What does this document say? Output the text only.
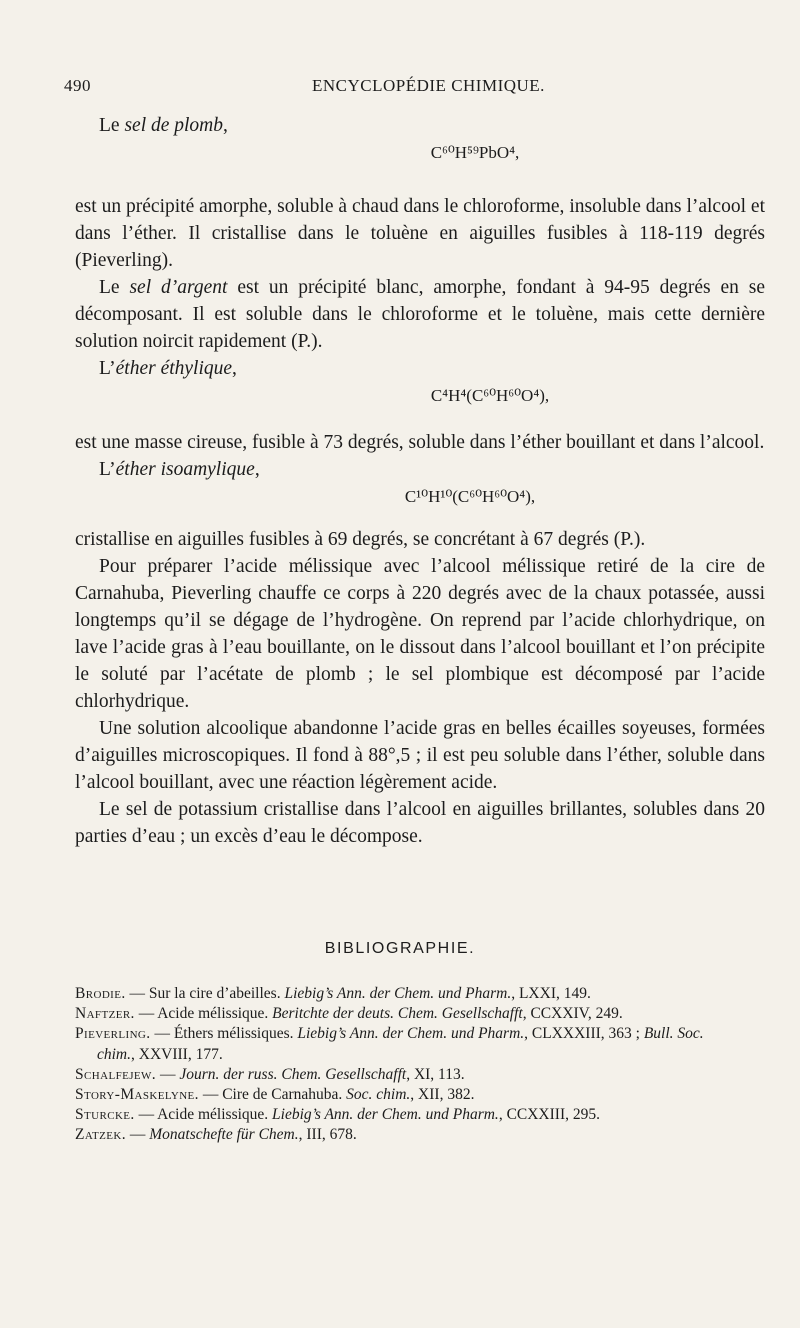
490	ENCYCLOPÉDIE CHIMIQUE.

Le sel de plomb,

C⁶⁰H⁵⁹PbO⁴,

est un précipité amorphe, soluble à chaud dans le chloroforme, insoluble dans l’alcool et dans l’éther. Il cristallise dans le toluène en aiguilles fusibles à 118-119 degrés (Pieverling).

Le sel d’argent est un précipité blanc, amorphe, fondant à 94-95 degrés en se décomposant. Il est soluble dans le chloroforme et le toluène, mais cette dernière solution noircit rapidement (P.).

L’éther éthylique,

C⁴H⁴(C⁶⁰H⁶⁰O⁴),

est une masse cireuse, fusible à 73 degrés, soluble dans l’éther bouillant et dans l’alcool.

L’éther isoamylique,

C¹⁰H¹⁰(C⁶⁰H⁶⁰O⁴),

cristallise en aiguilles fusibles à 69 degrés, se concrétant à 67 degrés (P.).

Pour préparer l’acide mélissique avec l’alcool mélissique retiré de la cire de Carnahuba, Pieverling chauffe ce corps à 220 degrés avec de la chaux potassée, aussi longtemps qu’il se dégage de l’hydrogène. On reprend par l’acide chlorhydrique, on lave l’acide gras à l’eau bouillante, on le dissout dans l’alcool bouillant et l’on précipite le soluté par l’acétate de plomb ; le sel plombique est décomposé par l’acide chlorhydrique.

Une solution alcoolique abandonne l’acide gras en belles écailles soyeuses, formées d’aiguilles microscopiques. Il fond à 88°,5 ; il est peu soluble dans l’éther, soluble dans l’alcool bouillant, avec une réaction légèrement acide.

Le sel de potassium cristallise dans l’alcool en aiguilles brillantes, solubles dans 20 parties d’eau ; un excès d’eau le décompose.

BIBLIOGRAPHIE.

Brodie. — Sur la cire d’abeilles. Liebig’s Ann. der Chem. und Pharm., LXXI, 149.

Naftzer. — Acide mélissique. Beritchte der deuts. Chem. Gesellschafft, CCXXIV, 249.

Pieverling. — Éthers mélissiques. Liebig’s Ann. der Chem. und Pharm., CLXXXIII, 363 ; Bull. Soc. chim., XXVIII, 177.

Schalfejew. — Journ. der russ. Chem. Gesellschafft, XI, 113.

Story-Maskelyne. — Cire de Carnahuba. Soc. chim., XII, 382.

Sturcke. — Acide mélissique. Liebig’s Ann. der Chem. und Pharm., CCXXIII, 295.

Zatzek. — Monatschefte für Chem., III, 678.
